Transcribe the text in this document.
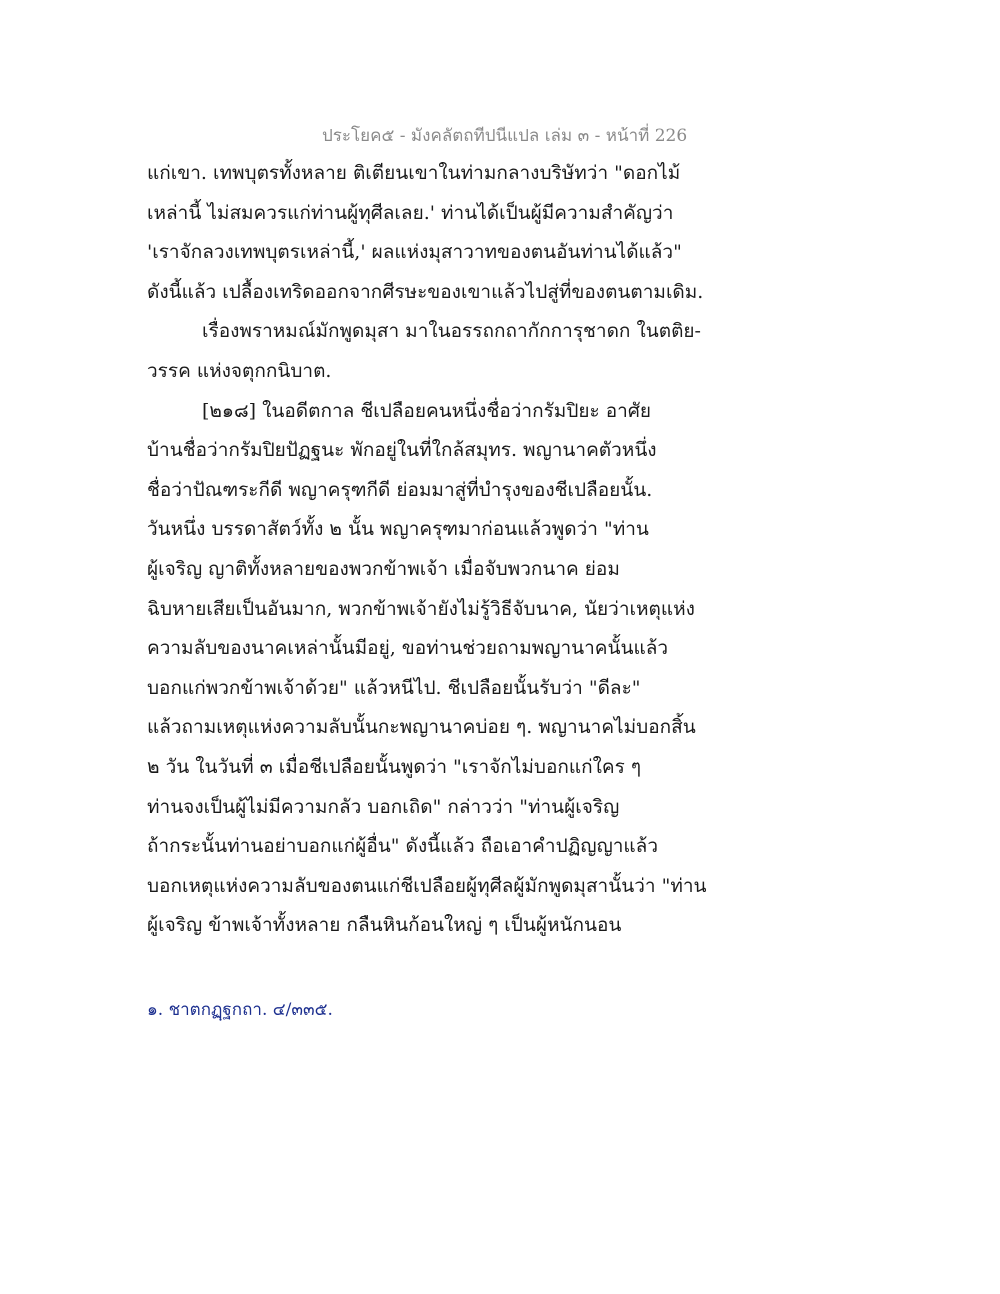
ประโยค๕ - มังคลัตถทีปนีแปล เล่ม ๓ - หน้าที่ 226
แก่เขา. เทพบุตรทั้งหลาย ติเตียนเขาในท่ามกลางบริษัทว่า "ดอกไม้
เหล่านี้ ไม่สมควรแก่ท่านผู้ทุศีลเลย.' ท่านได้เป็นผู้มีความสำคัญว่า
'เราจักลวงเทพบุตรเหล่านี้,' ผลแห่งมุสาวาทของตนอันท่านได้แล้ว"
ดังนี้แล้ว เปลื้องเทริดออกจากศีรษะของเขาแล้วไปสู่ที่ของตนตามเดิม.
เรื่องพราหมณ์มักพูดมุสา มาในอรรถกถากักการุชาดก ในตติย-
วรรค แห่งจตุกกนิบาต.
[๒๑๘] ในอดีตกาล ชีเปลือยคนหนึ่งชื่อว่ากรัมปิยะ อาศัย
บ้านชื่อว่ากรัมปิยปัฏฐนะ พักอยู่ในที่ใกล้สมุทร. พญานาคตัวหนึ่ง
ชื่อว่าปัณฑระกีดี พญาครุฑกีดี ย่อมมาสู่ที่บำรุงของชีเปลือยนั้น.
วันหนึ่ง บรรดาสัตว์ทั้ง ๒ นั้น พญาครุฑมาก่อนแล้วพูดว่า "ท่าน
ผู้เจริญ ญาติทั้งหลายของพวกข้าพเจ้า เมื่อจับพวกนาค ย่อม
ฉิบหายเสียเป็นอันมาก, พวกข้าพเจ้ายังไม่รู้วิธีจับนาค, นัยว่าเหตุแห่ง
ความลับของนาคเหล่านั้นมีอยู่, ขอท่านช่วยถามพญานาคนั้นแล้ว
บอกแก่พวกข้าพเจ้าด้วย" แล้วหนีไป. ชีเปลือยนั้นรับว่า "ดีละ"
แล้วถามเหตุแห่งความลับนั้นกะพญานาคบ่อย ๆ. พญานาคไม่บอกสิ้น
๒ วัน ในวันที่ ๓ เมื่อชีเปลือยนั้นพูดว่า "เราจักไม่บอกแก่ใคร ๆ
ท่านจงเป็นผู้ไม่มีความกลัว บอกเถิด" กล่าวว่า "ท่านผู้เจริญ
ถ้ากระนั้นท่านอย่าบอกแก่ผู้อื่น" ดังนี้แล้ว ถือเอาคำปฏิญญาแล้ว
บอกเหตุแห่งความลับของตนแก่ชีเปลือยผู้ทุศีลผู้มักพูดมุสานั้นว่า "ท่าน
ผู้เจริญ ข้าพเจ้าทั้งหลาย กลืนหินก้อนใหญ่ ๆ เป็นผู้หนักนอน
๑. ชาตกฏฺฐกถา. ๔/๓๓๕.
